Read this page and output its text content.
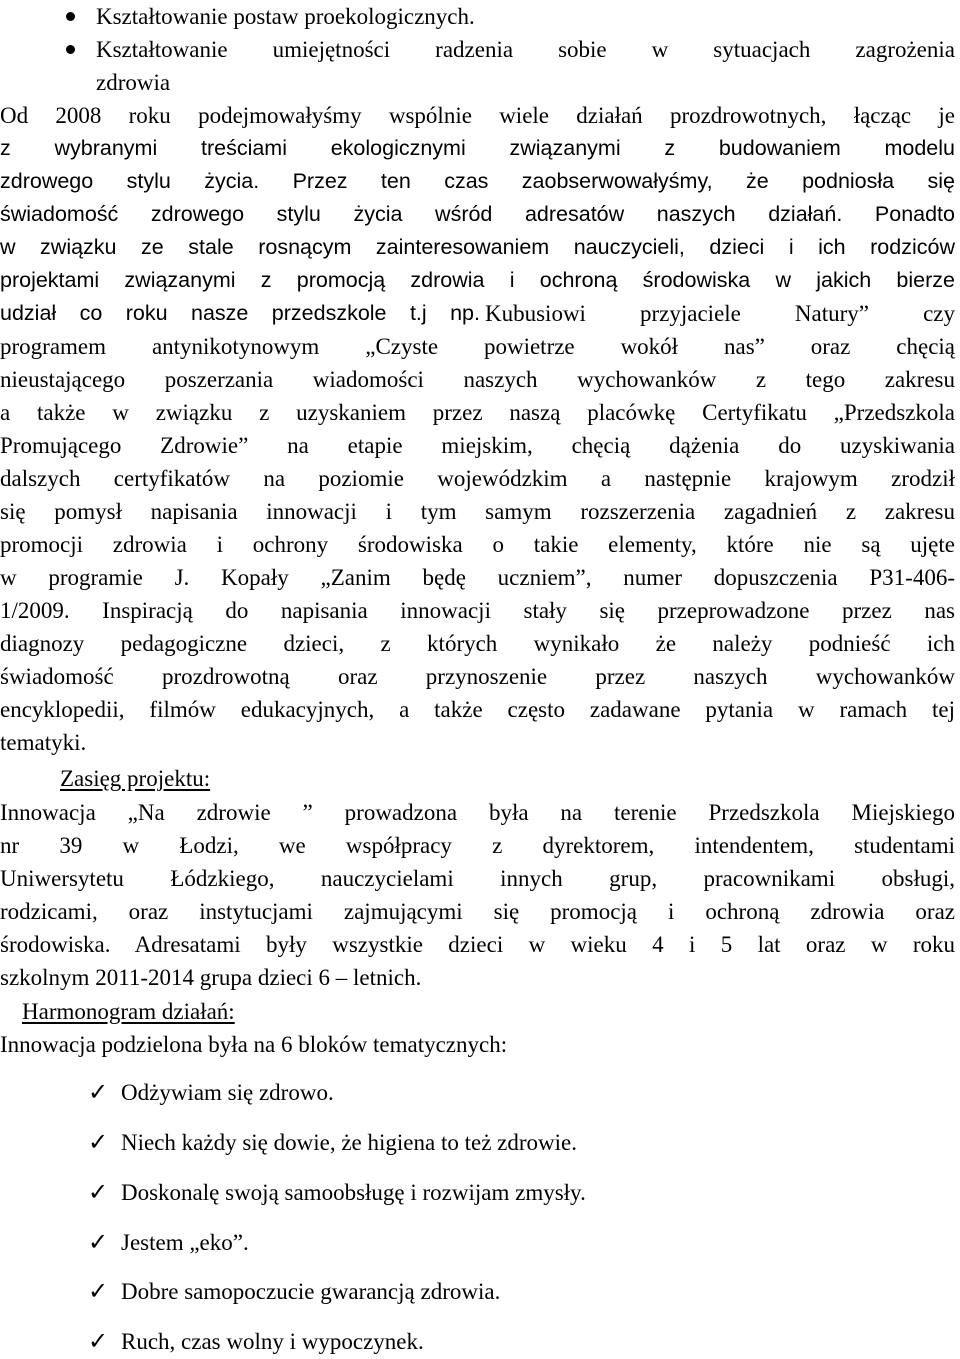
Kształtowanie postaw proekologicznych.
Kształtowanie umiejętności radzenia sobie w sytuacjach zagrożenia
zdrowia
Od 2008 roku podejmowałyśmy wspólnie wiele działań prozdrowotnych, łącząc je
z wybranymi treściami ekologicznymi związanymi z budowaniem modelu
zdrowego stylu życia. Przez ten czas zaobserwowałyśmy, że podniosła się
świadomość zdrowego stylu życia wśród adresatów naszych działań. Ponadto
w związku ze stale rosnącym zainteresowaniem nauczycieli, dzieci i ich rodziców
projektami związanymi z promocją zdrowia i ochroną środowiska w jakich bierze
udział co roku nasze przedszkole t.j np. Kubusiowi przyjaciele Natury” czy
programem antynikotynowym „Czyste powietrze wokół nas” oraz chęcią
nieustającego poszerzania wiadomości naszych wychowanków z tego zakresu
a także w związku z uzyskaniem przez naszą placówkę Certyfikatu „Przedszkola
Promującego Zdrowie” na etapie miejskim, chęcią dążenia do uzyskiwania
dalszych certyfikatów na poziomie wojewódzkim a następnie krajowym zrodził
się pomysł napisania innowacji i tym samym rozszerzenia zagadnień z zakresu
promocji zdrowia i ochrony środowiska o takie elementy, które nie są ujęte
w programie J. Kopały „Zanim będę uczniem”, numer dopuszczenia P31-406-
1/2009. Inspiracją do napisania innowacji stały się przeprowadzone przez nas
diagnozy pedagogiczne dzieci, z których wynikało że należy podnieść ich
świadomość prozdrowotną oraz przynoszenie przez naszych wychowanków
encyklopedii, filmów edukacyjnych, a także często zadawane pytania w ramach tej
tematyki.
Zasięg projektu:
Innowacja „Na zdrowie ” prowadzona była na terenie Przedszkola Miejskiego
nr 39 w Łodzi, we współpracy z dyrektorem, intendentem, studentami
Uniwersytetu Łódzkiego, nauczycielami innych grup, pracownikami obsługi,
rodzicami, oraz instytucjami zajmującymi się promocją i ochroną zdrowia oraz
środowiska. Adresatami były wszystkie dzieci w wieku 4 i 5 lat oraz w roku
szkolnym 2011-2014 grupa dzieci 6 – letnich.
Harmonogram działań:
Innowacja podzielona była na 6 bloków tematycznych:
✓ Odżywiam się zdrowo.
✓ Niech każdy się dowie, że higiena to też zdrowie.
✓ Doskonalę swoją samoobsługę i rozwijam zmysły.
✓ Jestem „eko”.
✓ Dobre samopoczucie gwarancją zdrowia.
✓ Ruch, czas wolny i wypoczynek.
